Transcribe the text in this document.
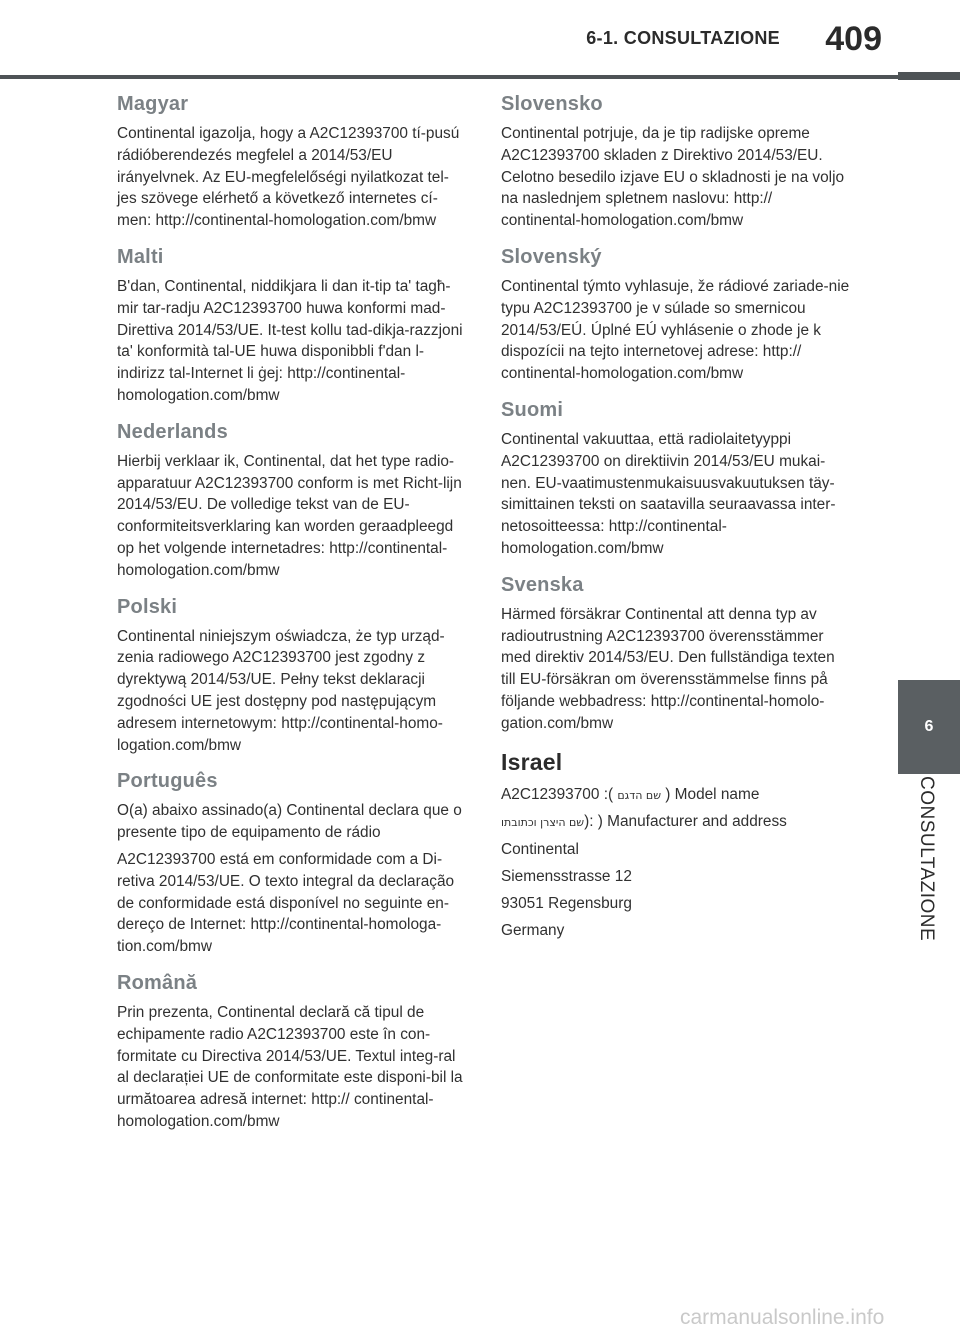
6-1. CONSULTAZIONE 409
6
CONSULTAZIONE
Magyar

Continental igazolja, hogy a A2C12393700 tí-pusú rádióberendezés megfelel a 2014/53/EU irányelvnek. Az EU-megfelelőségi nyilatkozat tel-jes szövege elérhető a következő internetes cí-men: http://continental-homologation.com/bmw

Malti

B'dan, Continental, niddikjara li dan it-tip ta' tagħ-mir tar-radju A2C12393700 huwa konformi mad-Direttiva 2014/53/UE. It-test kollu tad-dikja-razzjoni ta' konformità tal-UE huwa disponibbli f'dan l-indirizz tal-Internet li ġej: http://continental-homologation.com/bmw

Nederlands

Hierbij verklaar ik, Continental, dat het type radio-apparatuur A2C12393700 conform is met Richt-lijn 2014/53/EU. De volledige tekst van de EU-conformiteitsverklaring kan worden geraadpleegd op het volgende internetadres: http://continental-homologation.com/bmw

Polski

Continental niniejszym oświadcza, że typ urząd-zenia radiowego A2C12393700 jest zgodny z dyrektywą 2014/53/UE. Pełny tekst deklaracji zgodności UE jest dostępny pod następującym adresem internetowym: http://continental-homo-logation.com/bmw

Português

O(a) abaixo assinado(a) Continental declara que o presente tipo de equipamento de rádio

A2C12393700 está em conformidade com a Di-retiva 2014/53/UE. O texto integral da declaração de conformidade está disponível no seguinte en-dereço de Internet: http://continental-homologa-tion.com/bmw

Română

Prin prezenta, Continental declară că tipul de echipamente radio A2C12393700 este în con-formitate cu Directiva 2014/53/UE. Textul integ-ral al declarației UE de conformitate este disponi-bil la următoarea adresă internet: http:// continental-homologation.com/bmw

Slovensko

Continental potrjuje, da je tip radijske opreme A2C12393700 skladen z Direktivo 2014/53/EU. Celotno besedilo izjave EU o skladnosti je na voljo na naslednjem spletnem naslovu: http:// continental-homologation.com/bmw

Slovenský

Continental týmto vyhlasuje, že rádiové zariade-nie typu A2C12393700 je v súlade so smernicou 2014/53/EÚ. Úplné EÚ vyhlásenie o zhode je k dispozícii na tejto internetovej adrese: http:// continental-homologation.com/bmw

Suomi

Continental vakuuttaa, että radiolaitetyyppi A2C12393700 on direktiivin 2014/53/EU mukai-nen. EU-vaatimustenmukaisuusvakuutuksen täy-simittainen teksti on saatavilla seuraavassa inter-netosoitteessa: http://continental-homologation.com/bmw

Svenska

Härmed försäkrar Continental att denna typ av radioutrustning A2C12393700 överensstämmer med direktiv 2014/53/EU. Den fullständiga texten till EU-försäkran om överensstämmelse finns på följande webbadress: http://continental-homolo-gation.com/bmw

Israel

A2C12393700 :( שם הדגם ) Model name

שם היצרן וכתובתו): ) Manufacturer and address

Continental

Siemensstrasse 12

93051 Regensburg

Germany

carmanualsonline.info
